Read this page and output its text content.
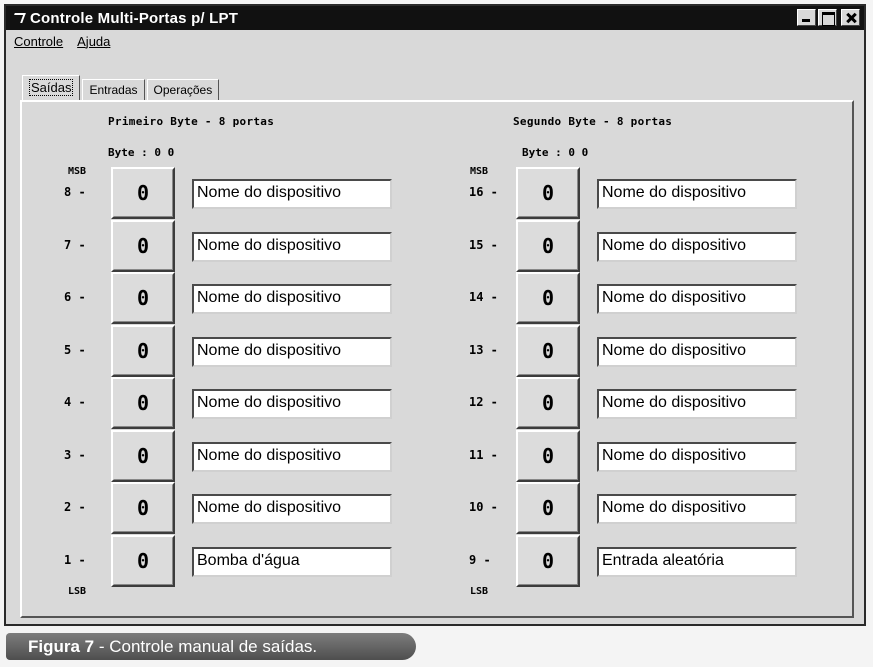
Controle Multi-Portas p/ LPT
Controle Ajuda
Saídas	Entradas	Operações
Primeiro Byte - 8 portas
Byte : 0 0
MSB
LSB
8 -	0	Nome do dispositivo
7 -	0	Nome do dispositivo
6 -	0	Nome do dispositivo
5 -	0	Nome do dispositivo
4 -	0	Nome do dispositivo
3 -	0	Nome do dispositivo
2 -	0	Nome do dispositivo
1 -	0	Bomba d'água
Segundo Byte - 8 portas
Byte : 0 0
MSB
LSB
16 -	0	Nome do dispositivo
15 -	0	Nome do dispositivo
14 -	0	Nome do dispositivo
13 -	0	Nome do dispositivo
12 -	0	Nome do dispositivo
11 -	0	Nome do dispositivo
10 -	0	Nome do dispositivo
9 -	0	Entrada aleatória
Figura 7 - Controle manual de saídas.
